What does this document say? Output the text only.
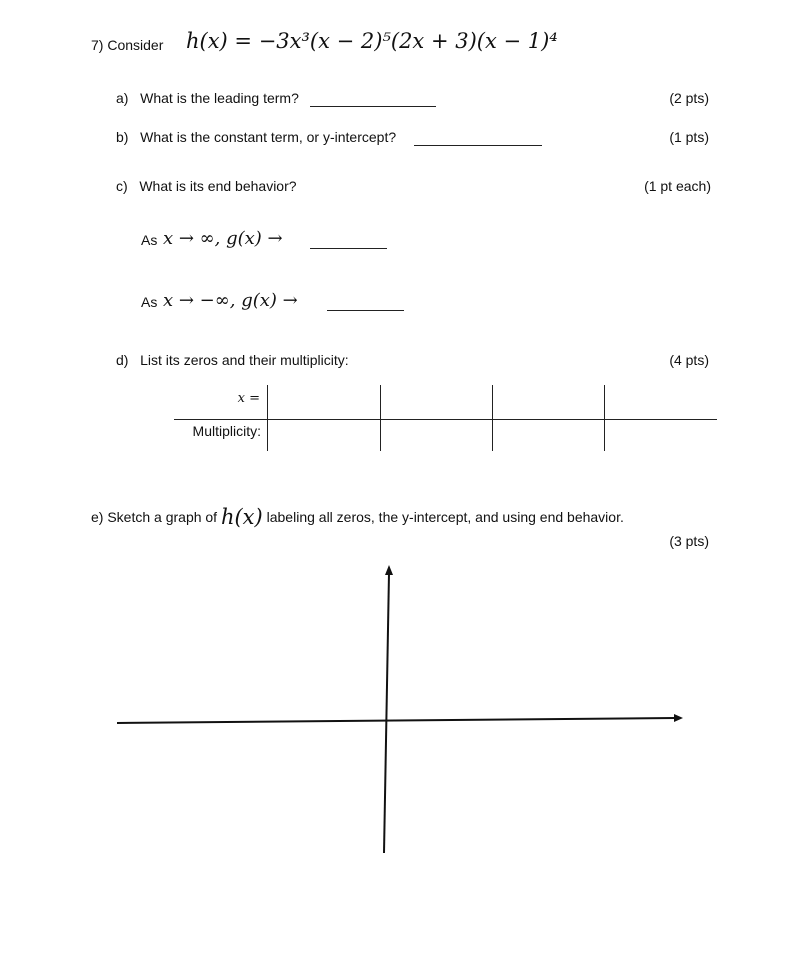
7) Consider h(x) = −3x³(x − 2)⁵(2x + 3)(x − 1)⁴
a) What is the leading term?	(2 pts)
b) What is the constant term, or y-intercept?	(1 pts)
c) What is its end behavior?	(1 pt each)
As x → ∞, g(x) →
As x → −∞, g(x) →
d) List its zeros and their multiplicity:	(4 pts)
x =
Multiplicity:
e) Sketch a graph of h(x) labeling all zeros, the y-intercept, and using end behavior.
(3 pts)
